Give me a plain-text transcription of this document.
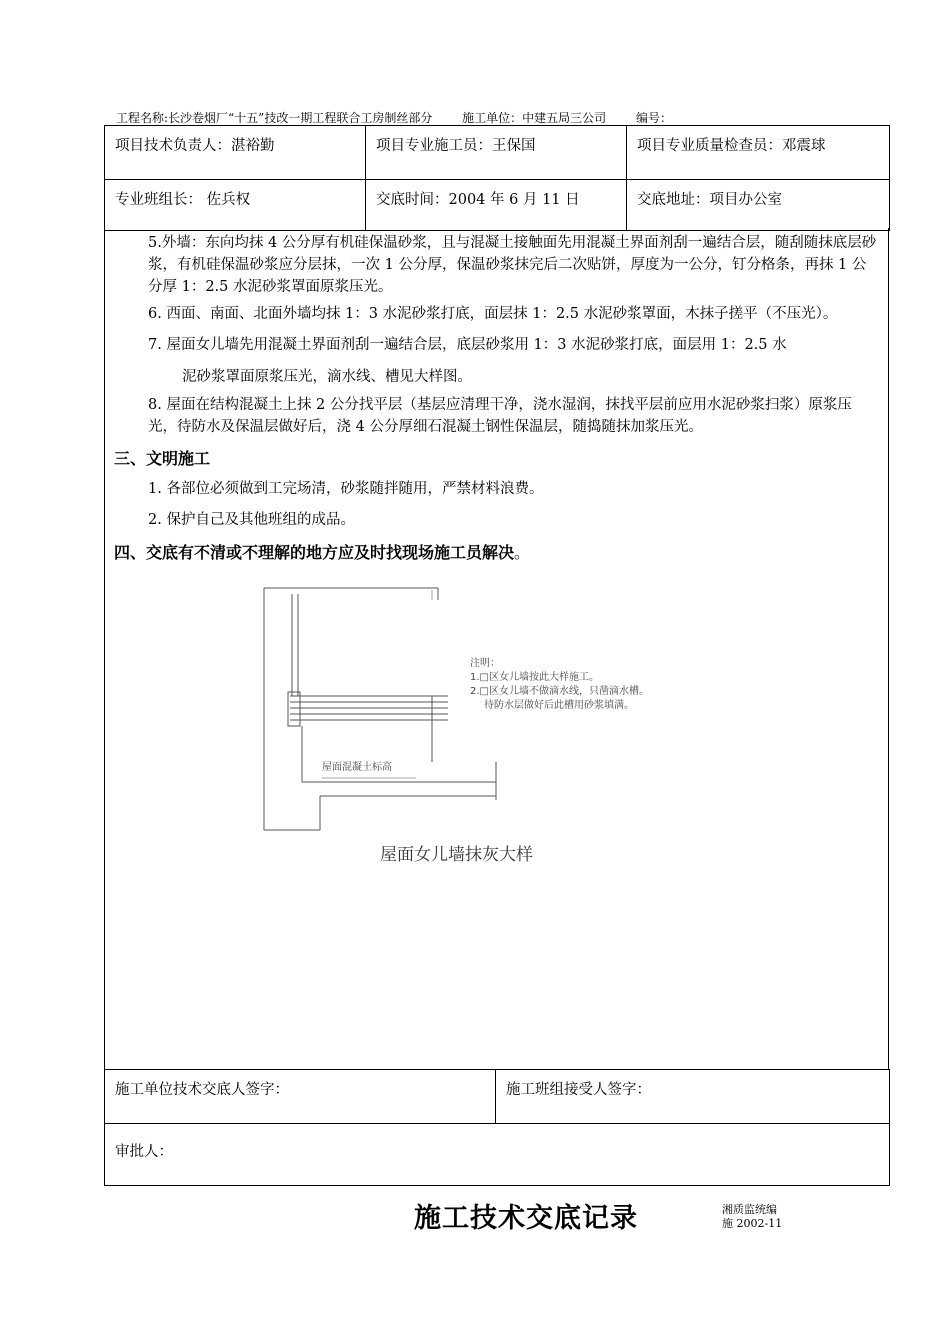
工程名称:长沙卷烟厂“十五”技改一期工程联合工房制丝部分 施工单位：中建五局三公司 编号：
项目技术负责人：湛裕勤	项目专业施工员：王保国	项目专业质量检查员：邓震球
专业班组长： 佐兵权	交底时间：2004 年 6 月 11 日	交底地址：项目办公室
5.外墙：东向均抹 4 公分厚有机硅保温砂浆，且与混凝土接触面先用混凝土界面剂刮一遍结合层，随刮随抹底层砂浆，有机硅保温砂浆应分层抹，一次 1 公分厚，保温砂浆抹完后二次贴饼，厚度为一公分，钉分格条，再抹 1 公分厚 1：2.5 水泥砂浆罩面原浆压光。
6. 西面、南面、北面外墙均抹 1：3 水泥砂浆打底，面层抹 1：2.5 水泥砂浆罩面，木抹子搓平（不压光）。
7. 屋面女儿墙先用混凝土界面剂刮一遍结合层，底层砂浆用 1：3 水泥砂浆打底，面层用 1：2.5 水
泥砂浆罩面原浆压光，滴水线、槽见大样图。
8. 屋面在结构混凝土上抹 2 公分找平层（基层应清理干净，浇水湿润，抹找平层前应用水泥砂浆扫浆）原浆压光，待防水及保温层做好后，浇 4 公分厚细石混凝土钢性保温层，随捣随抹加浆压光。
三、文明施工
1. 各部位必须做到工完场清，砂浆随拌随用，严禁材料浪费。
2. 保护自己及其他班组的成品。
四、交底有不清或不理解的地方应及时找现场施工员解决。
注明：
1.□区女儿墙按此大样施工。
2.□区女儿墙不做滴水线，只凿滴水槽。
待防水层做好后此槽用砂浆填满。
屋面混凝土标高
屋面女儿墙抹灰大样
施工单位技术交底人签字：	施工班组接受人签字：
审批人：
施工技术交底记录	湘质监统编
施 2002-11
